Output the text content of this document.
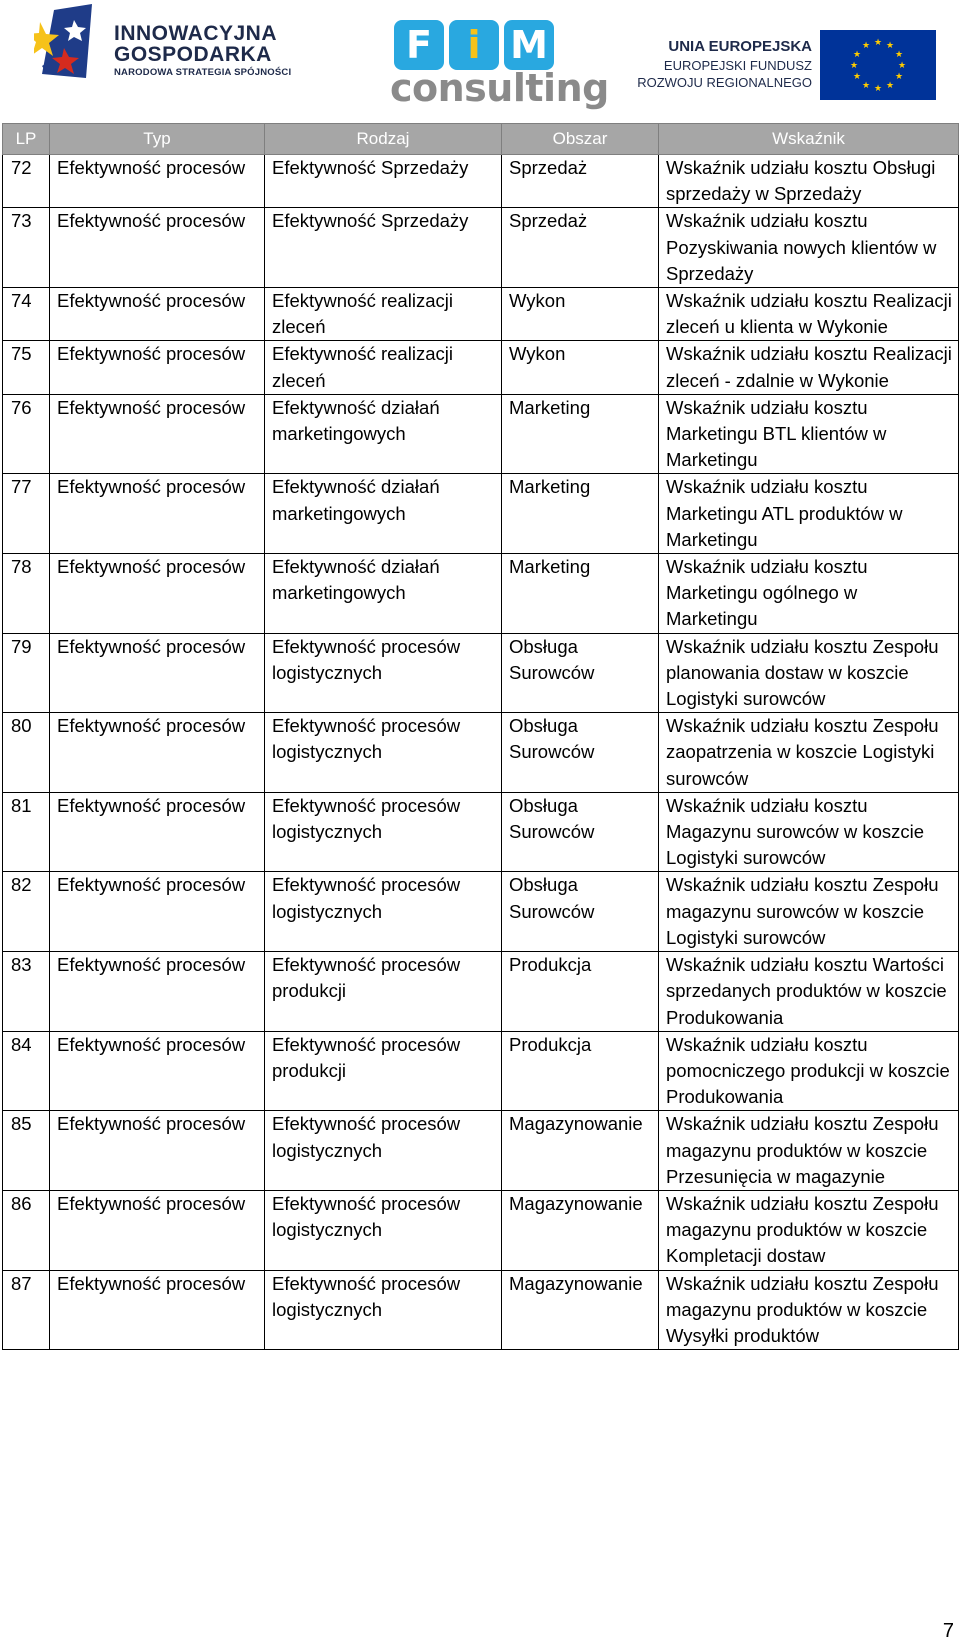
INNOWACYJNA
GOSPODARKA
NARODOWA STRATEGIA SPÓJNOŚCI
F i M
consulting
UNIA EUROPEJSKA
EUROPEJSKI FUNDUSZ
ROZWOJU REGIONALNEGO
★ ★
★
★
★
★
★
★
★
★
★
★
LP	Typ	Rodzaj	Obszar	Wskaźnik
72	Efektywność procesów	Efektywność Sprzedaży	Sprzedaż	Wskaźnik udziału kosztu Obsługi sprzedaży w Sprzedaży
73	Efektywność procesów	Efektywność Sprzedaży	Sprzedaż	Wskaźnik udziału kosztu Pozyskiwania nowych klientów w Sprzedaży
74	Efektywność procesów	Efektywność realizacji zleceń	Wykon	Wskaźnik udziału kosztu Realizacji zleceń u klienta w Wykonie
75	Efektywność procesów	Efektywność realizacji zleceń	Wykon	Wskaźnik udziału kosztu Realizacji zleceń - zdalnie w Wykonie
76	Efektywność procesów	Efektywność działań marketingowych	Marketing	Wskaźnik udziału kosztu Marketingu BTL klientów w Marketingu
77	Efektywność procesów	Efektywność działań marketingowych	Marketing	Wskaźnik udziału kosztu Marketingu ATL produktów w Marketingu
78	Efektywność procesów	Efektywność działań marketingowych	Marketing	Wskaźnik udziału kosztu Marketingu ogólnego w Marketingu
79	Efektywność procesów	Efektywność procesów logistycznych	Obsługa Surowców	Wskaźnik udziału kosztu Zespołu planowania dostaw w koszcie Logistyki surowców
80	Efektywność procesów	Efektywność procesów logistycznych	Obsługa Surowców	Wskaźnik udziału kosztu Zespołu zaopatrzenia w koszcie Logistyki surowców
81	Efektywność procesów	Efektywność procesów logistycznych	Obsługa Surowców	Wskaźnik udziału kosztu Magazynu surowców w koszcie Logistyki surowców
82	Efektywność procesów	Efektywność procesów logistycznych	Obsługa Surowców	Wskaźnik udziału kosztu Zespołu magazynu surowców w koszcie Logistyki surowców
83	Efektywność procesów	Efektywność procesów produkcji	Produkcja	Wskaźnik udziału kosztu Wartości sprzedanych produktów w koszcie Produkowania
84	Efektywność procesów	Efektywność procesów produkcji	Produkcja	Wskaźnik udziału kosztu pomocniczego produkcji w koszcie Produkowania
85	Efektywność procesów	Efektywność procesów logistycznych	Magazynowanie	Wskaźnik udziału kosztu Zespołu magazynu produktów w koszcie Przesunięcia w magazynie
86	Efektywność procesów	Efektywność procesów logistycznych	Magazynowanie	Wskaźnik udziału kosztu Zespołu magazynu produktów w koszcie Kompletacji dostaw
87	Efektywność procesów	Efektywność procesów logistycznych	Magazynowanie	Wskaźnik udziału kosztu Zespołu magazynu produktów w koszcie Wysyłki produktów
7
